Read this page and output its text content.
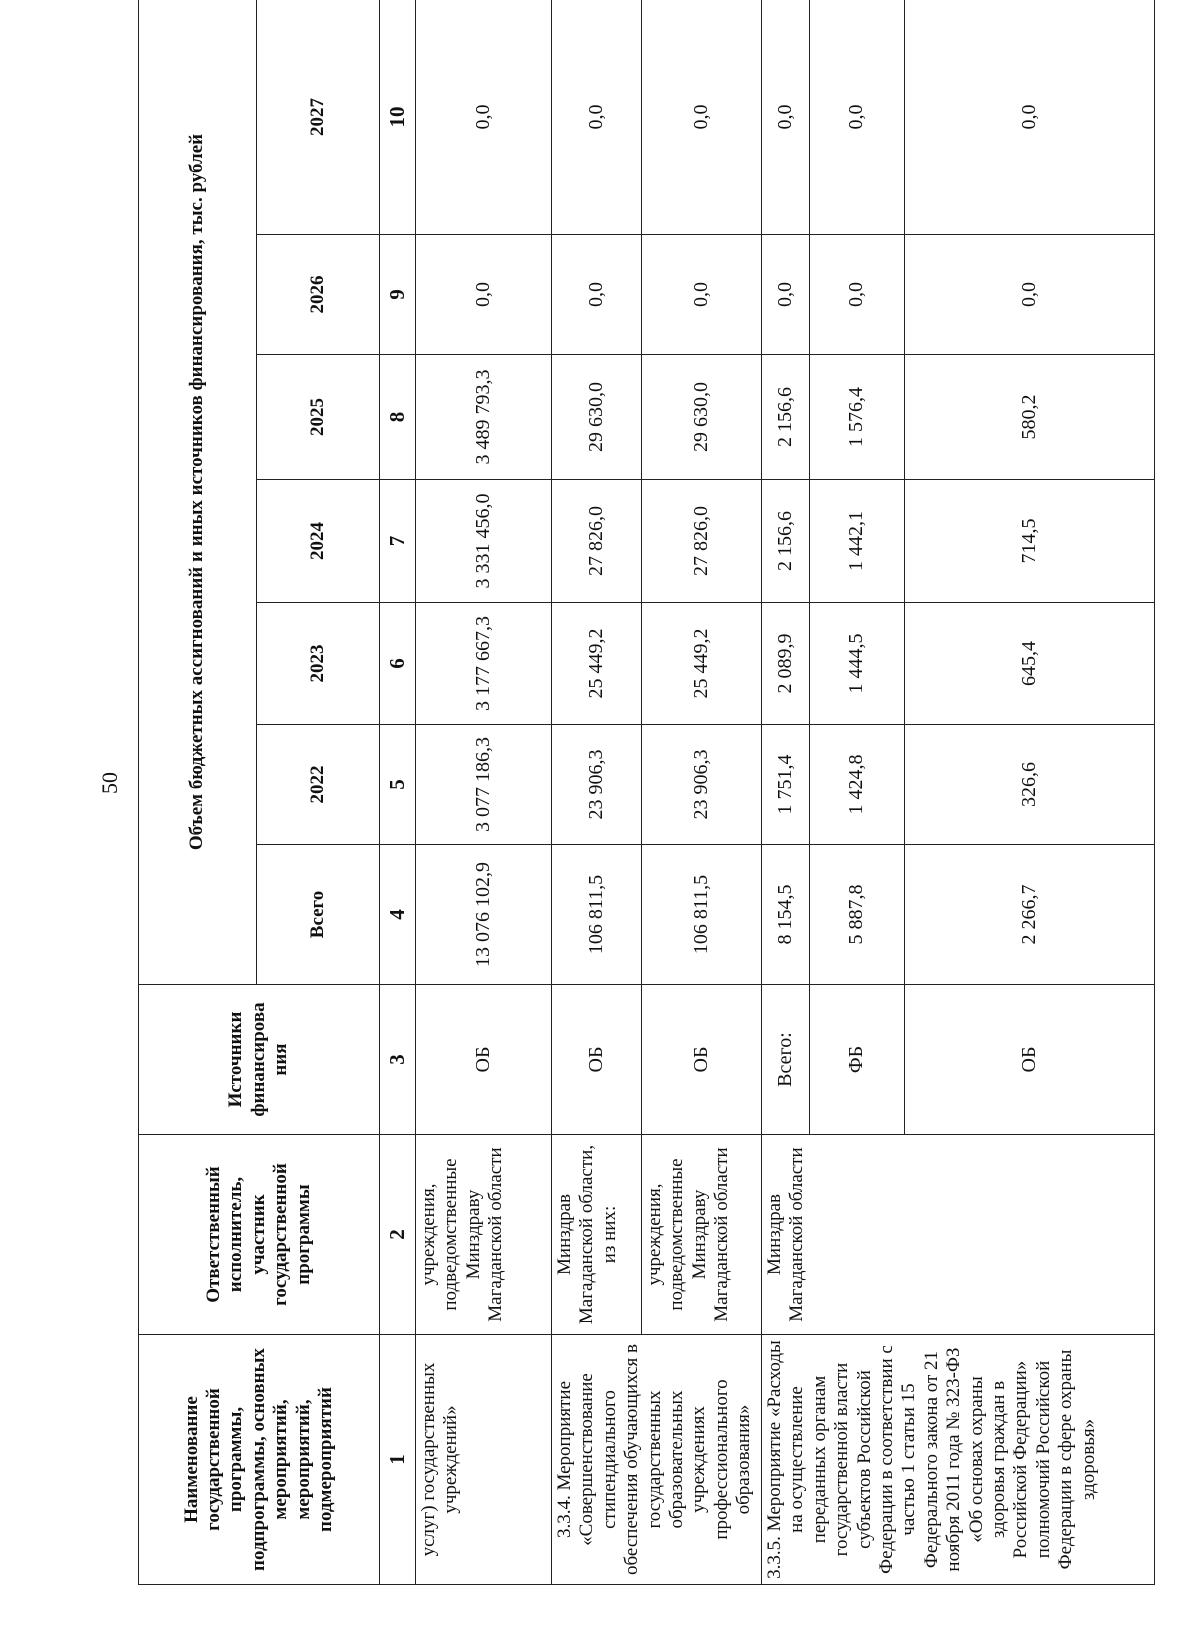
50
Наименование государственной программы, подпрограммы, основных мероприятий, мероприятий, подмероприятий	Ответственный исполнитель, участник государственной программы	Источники финансирова ния	Объем бюджетных ассигнований и иных источников финансирования, тыс. рублей						
			Всего	2022	2023	2024	2025	2026	2027
1	2	3	4	5	6	7	8	9	10
услуг) государственных учреждений»	учреждения, подведомственные Минздраву Магаданской области	ОБ	13 076 102,9	3 077 186,3	3 177 667,3	3 331 456,0	3 489 793,3	0,0	0,0
3.3.4. Мероприятие «Совершенствование стипендиального обеспечения обучающихся в государственных образовательных учреждениях профессионального образования»	Минздрав Магаданской области, из них:	ОБ	106 811,5	23 906,3	25 449,2	27 826,0	29 630,0	0,0	0,0
	учреждения, подведомственные Минздраву Магаданской области	ОБ	106 811,5	23 906,3	25 449,2	27 826,0	29 630,0	0,0	0,0
3.3.5. Мероприятие «Расходы на осуществление переданных органам государственной власти субъектов Российской Федерации в соответствии с частью 1 статьи 15 Федерального закона от 21 ноября 2011 года № 323-ФЗ «Об основах охраны здоровья граждан в Российской Федерации» полномочий Российской Федерации в сфере охраны здоровья»	Минздрав Магаданской области	Всего:	8 154,5	1 751,4	2 089,9	2 156,6	2 156,6	0,0	0,0
		ФБ	5 887,8	1 424,8	1 444,5	1 442,1	1 576,4	0,0	0,0
		ОБ	2 266,7	326,6	645,4	714,5	580,2	0,0	0,0
